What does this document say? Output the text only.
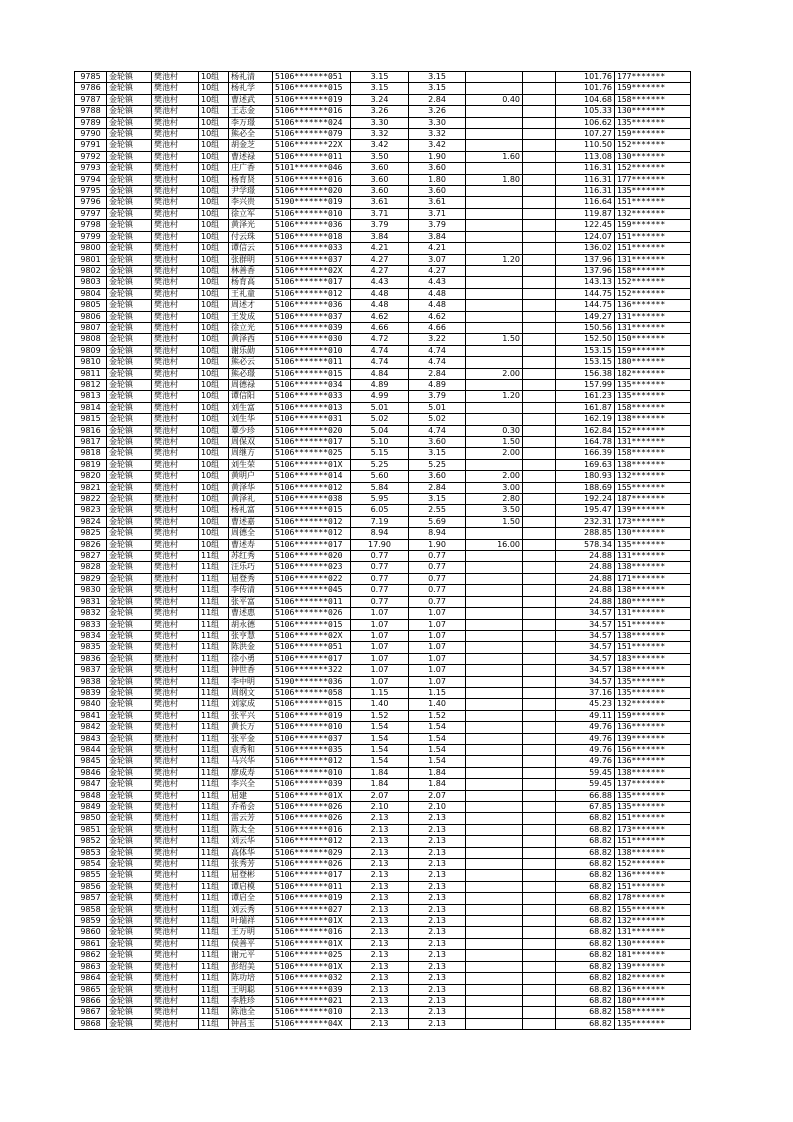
9785	金轮镇	樊池村	10组	杨礼清	5106*******051	3.15	3.15			101.76	177*******
9786	金轮镇	樊池村	10组	杨礼学	5106*******015	3.15	3.15			101.76	159*******
9787	金轮镇	樊池村	10组	曹述武	5106*******019	3.24	2.84	0.40		104.68	158*******
9788	金轮镇	樊池村	10组	王志金	5106*******016	3.26	3.26			105.33	130*******
9789	金轮镇	樊池村	10组	李万璟	5106*******024	3.30	3.30			106.62	135*******
9790	金轮镇	樊池村	10组	熊必全	5106*******079	3.32	3.32			107.27	159*******
9791	金轮镇	樊池村	10组	胡金芝	5106*******22X	3.42	3.42			110.50	152*******
9792	金轮镇	樊池村	10组	曹述禄	5106*******011	3.50	1.90	1.60		113.08	130*******
9793	金轮镇	樊池村	10组	庄广香	5101*******046	3.60	3.60			116.31	152*******
9794	金轮镇	樊池村	10组	杨育贤	5106*******016	3.60	1.80	1.80		116.31	177*******
9795	金轮镇	樊池村	10组	尹学璟	5106*******020	3.60	3.60			116.31	135*******
9796	金轮镇	樊池村	10组	李兴贵	5190*******019	3.61	3.61			116.64	151*******
9797	金轮镇	樊池村	10组	徐立军	5106*******010	3.71	3.71			119.87	132*******
9798	金轮镇	樊池村	10组	黄泽光	5106*******036	3.79	3.79			122.45	159*******
9799	金轮镇	樊池村	10组	付云珠	5106*******018	3.84	3.84			124.07	151*******
9800	金轮镇	樊池村	10组	谭信云	5106*******033	4.21	4.21			136.02	151*******
9801	金轮镇	樊池村	10组	张群明	5106*******037	4.27	3.07	1.20		137.96	131*******
9802	金轮镇	樊池村	10组	林善香	5106*******02X	4.27	4.27			137.96	158*******
9803	金轮镇	樊池村	10组	杨育高	5106*******017	4.43	4.43			143.13	152*******
9804	金轮镇	樊池村	10组	王礼童	5106*******012	4.48	4.48			144.75	152*******
9805	金轮镇	樊池村	10组	周述才	5106*******036	4.48	4.48			144.75	136*******
9806	金轮镇	樊池村	10组	王发成	5106*******037	4.62	4.62			149.27	131*******
9807	金轮镇	樊池村	10组	徐立光	5106*******039	4.66	4.66			150.56	131*******
9808	金轮镇	樊池村	10组	黄泽西	5106*******030	4.72	3.22	1.50		152.50	150*******
9809	金轮镇	樊池村	10组	谢乐勋	5106*******010	4.74	4.74			153.15	159*******
9810	金轮镇	樊池村	10组	熊必云	5106*******011	4.74	4.74			153.15	180*******
9811	金轮镇	樊池村	10组	熊必璟	5106*******015	4.84	2.84	2.00		156.38	182*******
9812	金轮镇	樊池村	10组	周德禄	5106*******034	4.89	4.89			157.99	135*******
9813	金轮镇	樊池村	10组	谭信阳	5106*******033	4.99	3.79	1.20		161.23	135*******
9814	金轮镇	樊池村	10组	刘生富	5106*******013	5.01	5.01			161.87	158*******
9815	金轮镇	樊池村	10组	刘生华	5106*******031	5.02	5.02			162.19	138*******
9816	金轮镇	樊池村	10组	蕈少珍	5106*******020	5.04	4.74	0.30		162.84	152*******
9817	金轮镇	樊池村	10组	周保双	5106*******017	5.10	3.60	1.50		164.78	131*******
9818	金轮镇	樊池村	10组	周继方	5106*******025	5.15	3.15	2.00		166.39	158*******
9819	金轮镇	樊池村	10组	刘生荣	5106*******01X	5.25	5.25			169.63	138*******
9820	金轮镇	樊池村	10组	黄明户	5106*******014	5.60	3.60	2.00		180.93	132*******
9821	金轮镇	樊池村	10组	黄泽华	5106*******012	5.84	2.84	3.00		188.69	155*******
9822	金轮镇	樊池村	10组	黄泽礼	5106*******038	5.95	3.15	2.80		192.24	187*******
9823	金轮镇	樊池村	10组	杨礼富	5106*******015	6.05	2.55	3.50		195.47	139*******
9824	金轮镇	樊池村	10组	曹述嘉	5106*******012	7.19	5.69	1.50		232.31	173*******
9825	金轮镇	樊池村	10组	周德全	5106*******012	8.94	8.94			288.85	130*******
9826	金轮镇	樊池村	10组	曹述寿	5106*******017	17.90	1.90	16.00		578.34	135*******
9827	金轮镇	樊池村	11组	苏红秀	5106*******020	0.77	0.77			24.88	131*******
9828	金轮镇	樊池村	11组	汪乐巧	5106*******023	0.77	0.77			24.88	138*******
9829	金轮镇	樊池村	11组	屈登秀	5106*******022	0.77	0.77			24.88	171*******
9830	金轮镇	樊池村	11组	李传清	5106*******045	0.77	0.77			24.88	138*******
9831	金轮镇	樊池村	11组	张平富	5106*******011	0.77	0.77			24.88	180*******
9832	金轮镇	樊池村	11组	曹述惠	5106*******026	1.07	1.07			34.57	131*******
9833	金轮镇	樊池村	11组	胡永德	5106*******015	1.07	1.07			34.57	151*******
9834	金轮镇	樊池村	11组	张亨慧	5106*******02X	1.07	1.07			34.57	138*******
9835	金轮镇	樊池村	11组	陈洪金	5106*******051	1.07	1.07			34.57	151*******
9836	金轮镇	樊池村	11组	徐小勇	5106*******017	1.07	1.07			34.57	183*******
9837	金轮镇	樊池村	11组	钟世香	5106*******322	1.07	1.07			34.57	138*******
9838	金轮镇	樊池村	11组	李中明	5190*******036	1.07	1.07			34.57	135*******
9839	金轮镇	樊池村	11组	周纲文	5106*******058	1.15	1.15			37.16	135*******
9840	金轮镇	樊池村	11组	刘家成	5106*******015	1.40	1.40			45.23	132*******
9841	金轮镇	樊池村	11组	张平兴	5106*******019	1.52	1.52			49.11	159*******
9842	金轮镇	樊池村	11组	黄长万	5106*******010	1.54	1.54			49.76	136*******
9843	金轮镇	樊池村	11组	张平金	5106*******037	1.54	1.54			49.76	139*******
9844	金轮镇	樊池村	11组	袁秀和	5106*******035	1.54	1.54			49.76	156*******
9845	金轮镇	樊池村	11组	马兴华	5106*******012	1.54	1.54			49.76	136*******
9846	金轮镇	樊池村	11组	廖成寿	5106*******010	1.84	1.84			59.45	138*******
9847	金轮镇	樊池村	11组	李兴全	5106*******039	1.84	1.84			59.45	137*******
9848	金轮镇	樊池村	11组	屈建	5106*******01X	2.07	2.07			66.88	135*******
9849	金轮镇	樊池村	11组	乔希会	5106*******026	2.10	2.10			67.85	135*******
9850	金轮镇	樊池村	11组	雷云芳	5106*******026	2.13	2.13			68.82	151*******
9851	金轮镇	樊池村	11组	陈太全	5106*******016	2.13	2.13			68.82	173*******
9852	金轮镇	樊池村	11组	刘云华	5106*******012	2.13	2.13			68.82	151*******
9853	金轮镇	樊池村	11组	高体华	5106*******029	2.13	2.13			68.82	138*******
9854	金轮镇	樊池村	11组	张秀芳	5106*******026	2.13	2.13			68.82	152*******
9855	金轮镇	樊池村	11组	屈登彬	5106*******017	2.13	2.13			68.82	136*******
9856	金轮镇	樊池村	11组	谭启模	5106*******011	2.13	2.13			68.82	151*******
9857	金轮镇	樊池村	11组	谭启全	5106*******019	2.13	2.13			68.82	178*******
9858	金轮镇	樊池村	11组	刘云秀	5106*******027	2.13	2.13			68.82	155*******
9859	金轮镇	樊池村	11组	叶瑞祥	5106*******01X	2.13	2.13			68.82	132*******
9860	金轮镇	樊池村	11组	王万明	5106*******016	2.13	2.13			68.82	131*******
9861	金轮镇	樊池村	11组	侯善平	5106*******01X	2.13	2.13			68.82	130*******
9862	金轮镇	樊池村	11组	谢元平	5106*******025	2.13	2.13			68.82	181*******
9863	金轮镇	樊池村	11组	彭绍美	5106*******01X	2.13	2.13			68.82	139*******
9864	金轮镇	樊池村	11组	陈功培	5106*******032	2.13	2.13			68.82	182*******
9865	金轮镇	樊池村	11组	王明聪	5106*******039	2.13	2.13			68.82	136*******
9866	金轮镇	樊池村	11组	李胜珍	5106*******021	2.13	2.13			68.82	180*******
9867	金轮镇	樊池村	11组	陈池全	5106*******010	2.13	2.13			68.82	158*******
9868	金轮镇	樊池村	11组	钟昌玉	5106*******04X	2.13	2.13			68.82	135*******
